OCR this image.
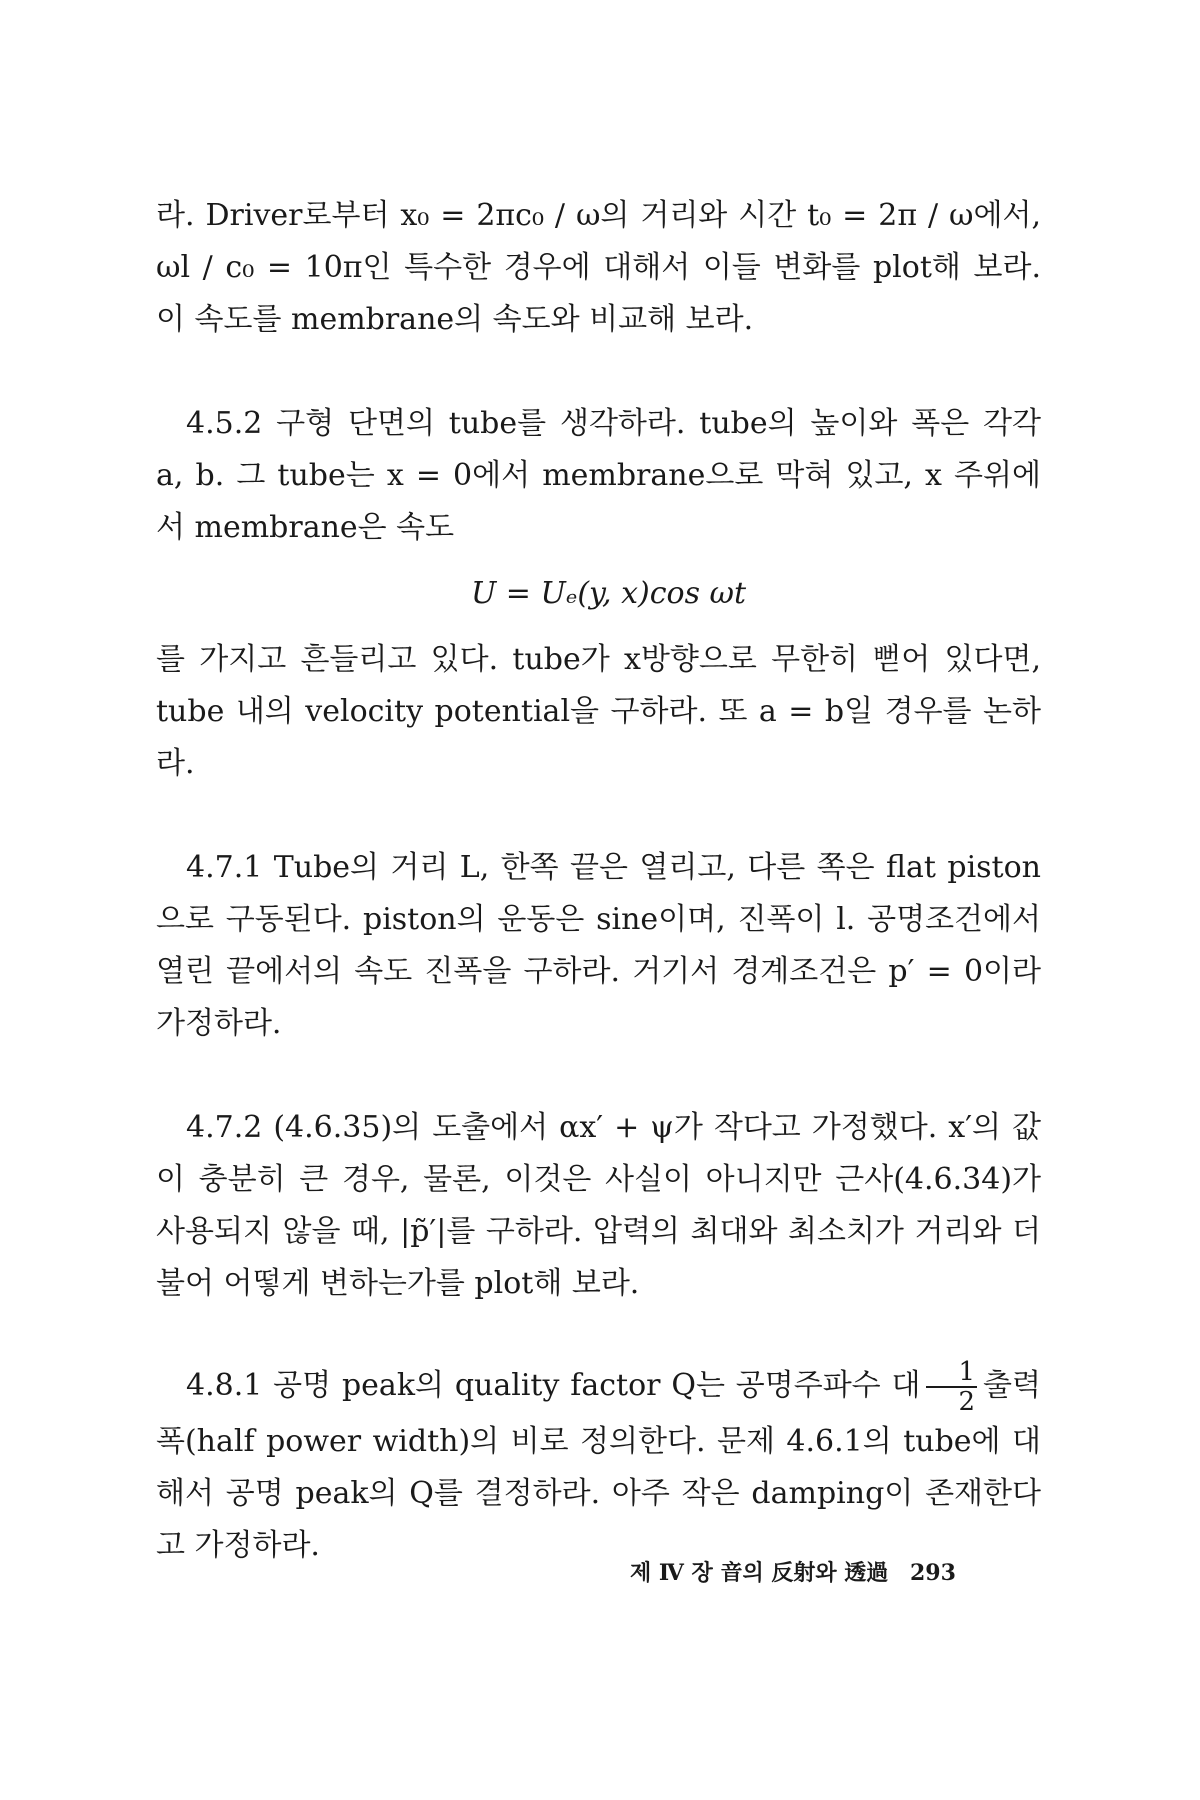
라. Driver로부터 x₀ = 2πc₀ / ω의 거리와 시간 t₀ = 2π / ω에서, ωl / c₀ = 10π인 특수한 경우에 대해서 이들 변화를 plot해 보라. 이 속도를 membrane의 속도와 비교해 보라.

4.5.2 구형 단면의 tube를 생각하라. tube의 높이와 폭은 각각 a, b. 그 tube는 x = 0에서 membrane으로 막혀 있고, x 주위에서 membrane은 속도

U = Uₑ(y, x)cos ωt

를 가지고 흔들리고 있다. tube가 x방향으로 무한히 뻗어 있다면, tube 내의 velocity potential을 구하라. 또 a = b일 경우를 논하라.

4.7.1 Tube의 거리 L, 한쪽 끝은 열리고, 다른 쪽은 flat piston으로 구동된다. piston의 운동은 sine이며, 진폭이 l. 공명조건에서 열린 끝에서의 속도 진폭을 구하라. 거기서 경계조건은 p′ = 0이라 가정하라.

4.7.2 (4.6.35)의 도출에서 αx′ + ψ가 작다고 가정했다. x′의 값이 충분히 큰 경우, 물론, 이것은 사실이 아니지만 근사(4.6.34)가 사용되지 않을 때, |p̃′|를 구하라. 압력의 최대와 최소치가 거리와 더불어 어떻게 변하는가를 plot해 보라.

4.8.1 공명 peak의 quality factor Q는 공명주파수 대 $\frac{1}{2}$ 출력폭(half power width)의 비로 정의한다. 문제 4.6.1의 tube에 대해서 공명 peak의 Q를 결정하라. 아주 작은 damping이 존재한다고 가정하라.

제 Ⅳ 장 音의 反射와 透過 293
